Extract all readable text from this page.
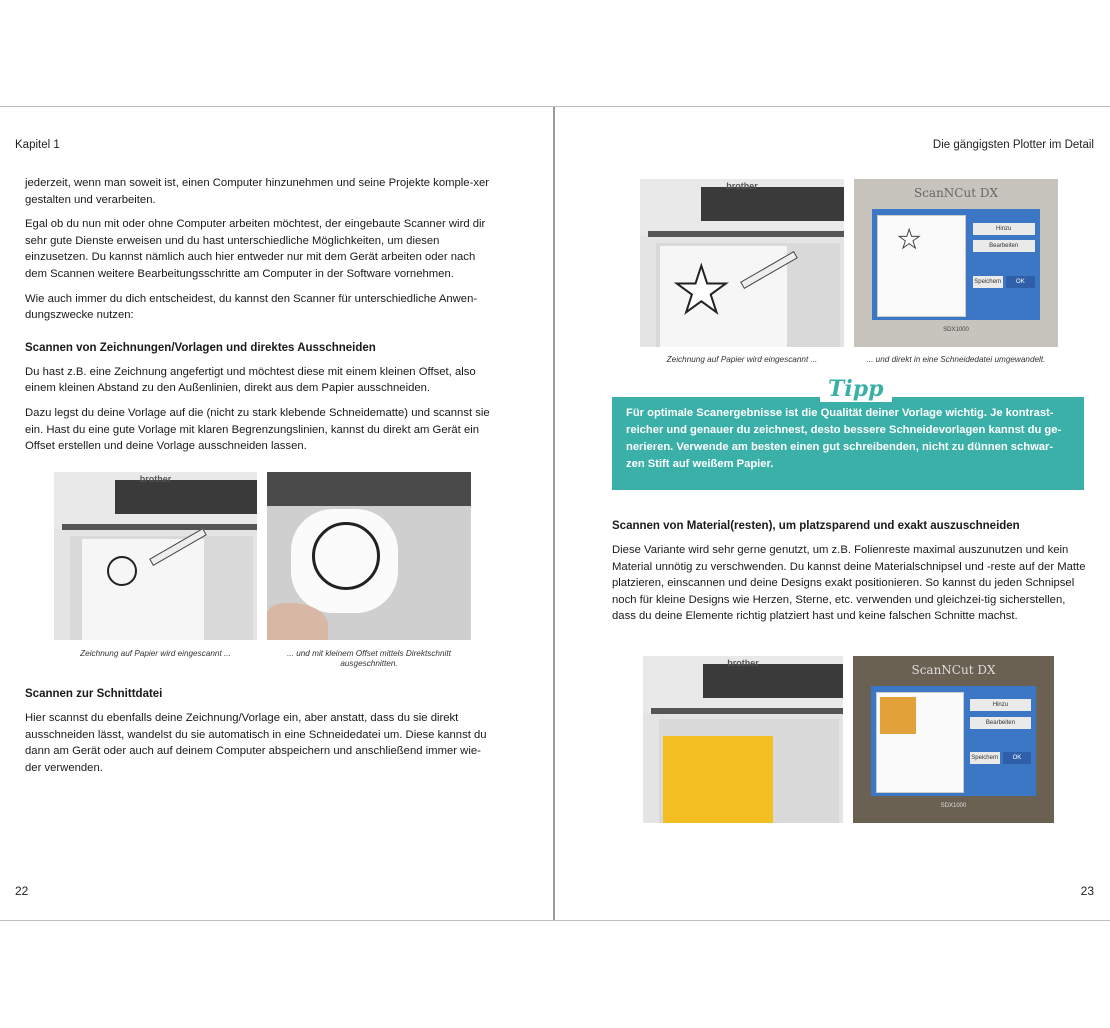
Kapitel 1

jederzeit, wenn man soweit ist, einen Computer hinzunehmen und seine Projekte komple-xer gestalten und verarbeiten.

Egal ob du nun mit oder ohne Computer arbeiten möchtest, der eingebaute Scanner wird dir sehr gute Dienste erweisen und du hast unterschiedliche Möglichkeiten, um diesen einzusetzen. Du kannst nämlich auch hier entweder nur mit dem Gerät arbeiten oder nach dem Scannen weitere Bearbeitungsschritte am Computer in der Software vornehmen.

Wie auch immer du dich entscheidest, du kannst den Scanner für unterschiedliche Anwen-dungszwecke nutzen:

Scannen von Zeichnungen/Vorlagen und direktes Ausschneiden

Du hast z.B. eine Zeichnung angefertigt und möchtest diese mit einem kleinen Offset, also einem kleinen Abstand zu den Außenlinien, direkt aus dem Papier ausschneiden.

Dazu legst du deine Vorlage auf die (nicht zu stark klebende Schneidematte) und scannst sie ein. Hast du eine gute Vorlage mit klaren Begrenzungslinien, kannst du direkt am Gerät ein Offset erstellen und deine Vorlage ausschneiden lassen.

brother
Zeichnung auf Papier wird eingescannt ...	... und mit kleinem Offset mittels Direktschnitt ausgeschnitten.
Scannen zur Schnittdatei

Hier scannst du ebenfalls deine Zeichnung/Vorlage ein, aber anstatt, dass du sie direkt ausschneiden lässt, wandelst du sie automatisch in eine Schneidedatei um. Diese kannst du dann am Gerät oder auch auf deinem Computer abspeichern und anschließend immer wie-der verwenden.

22
Die gängigsten Plotter im Detail
brother
★
ScanNCut DX
★	Hinzu
Bearbeiten
Speichern	OK
SDX1000
Zeichnung auf Papier wird eingescannt ...	... und direkt in eine Schneidedatei umgewandelt.
Für optimale Scanergebnisse ist die Qualität deiner Vorlage wichtig. Je kontrast-reicher und genauer du zeichnest, desto bessere Schneidevorlagen kannst du ge-nerieren. Verwende am besten einen gut schreibenden, nicht zu dünnen schwar-zen Stift auf weißem Papier.
Tipp
Scannen von Material(resten), um platzsparend und exakt auszuschneiden

Diese Variante wird sehr gerne genutzt, um z.B. Folienreste maximal auszunutzen und kein Material unnötig zu verschwenden. Du kannst deine Materialschnipsel und -reste auf der Matte platzieren, einscannen und deine Designs exakt positionieren. So kannst du jeden Schnipsel noch für kleine Designs wie Herzen, Sterne, etc. verwenden und gleichzei-tig sicherstellen, dass du deine Elemente richtig platziert hast und keine falschen Schnitte machst.

brother	ScanNCut DX
Hinzu
Bearbeiten
Speichern	OK
SDX1000
23
